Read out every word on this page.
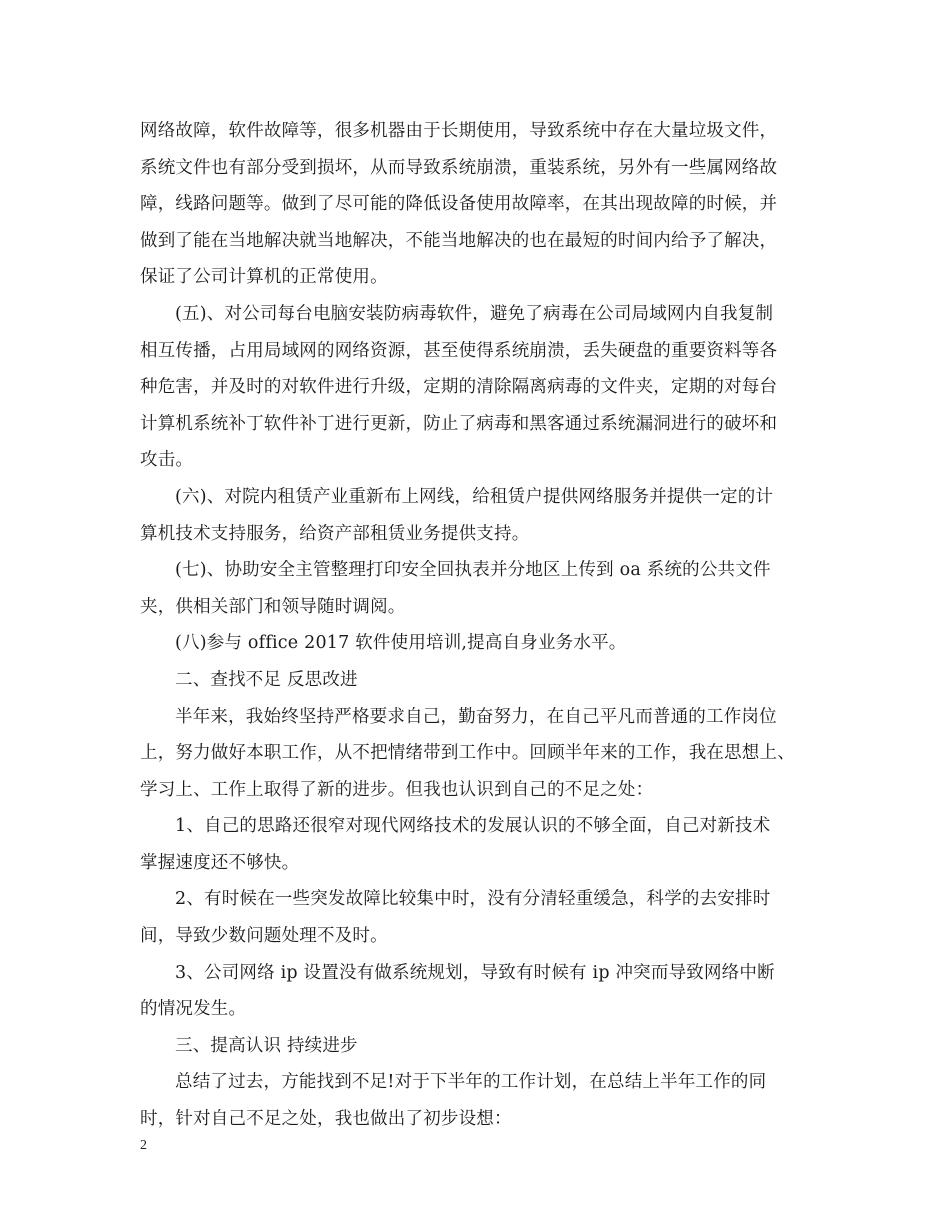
网络故障，软件故障等，很多机器由于长期使用，导致系统中存在大量垃圾文件，
系统文件也有部分受到损坏，从而导致系统崩溃，重装系统，另外有一些属网络故
障，线路问题等。做到了尽可能的降低设备使用故障率，在其出现故障的时候，并
做到了能在当地解决就当地解决，不能当地解决的也在最短的时间内给予了解决，
保证了公司计算机的正常使用。
(五)、对公司每台电脑安装防病毒软件，避免了病毒在公司局域网内自我复制
相互传播，占用局域网的网络资源，甚至使得系统崩溃，丢失硬盘的重要资料等各
种危害，并及时的对软件进行升级，定期的清除隔离病毒的文件夹，定期的对每台
计算机系统补丁软件补丁进行更新，防止了病毒和黑客通过系统漏洞进行的破坏和
攻击。
(六)、对院内租赁产业重新布上网线，给租赁户提供网络服务并提供一定的计
算机技术支持服务，给资产部租赁业务提供支持。
(七)、协助安全主管整理打印安全回执表并分地区上传到 oa 系统的公共文件
夹，供相关部门和领导随时调阅。
(八)参与 office 2017 软件使用培训,提高自身业务水平。
二、查找不足 反思改进
半年来，我始终坚持严格要求自己，勤奋努力，在自己平凡而普通的工作岗位
上，努力做好本职工作，从不把情绪带到工作中。回顾半年来的工作，我在思想上、
学习上、工作上取得了新的进步。但我也认识到自己的不足之处：
1、自己的思路还很窄对现代网络技术的发展认识的不够全面，自己对新技术
掌握速度还不够快。
2、有时候在一些突发故障比较集中时，没有分清轻重缓急，科学的去安排时
间，导致少数问题处理不及时。
3、公司网络 ip 设置没有做系统规划，导致有时候有 ip 冲突而导致网络中断
的情况发生。
三、提高认识 持续进步
总结了过去，方能找到不足!对于下半年的工作计划，在总结上半年工作的同
时，针对自己不足之处，我也做出了初步设想：
2
